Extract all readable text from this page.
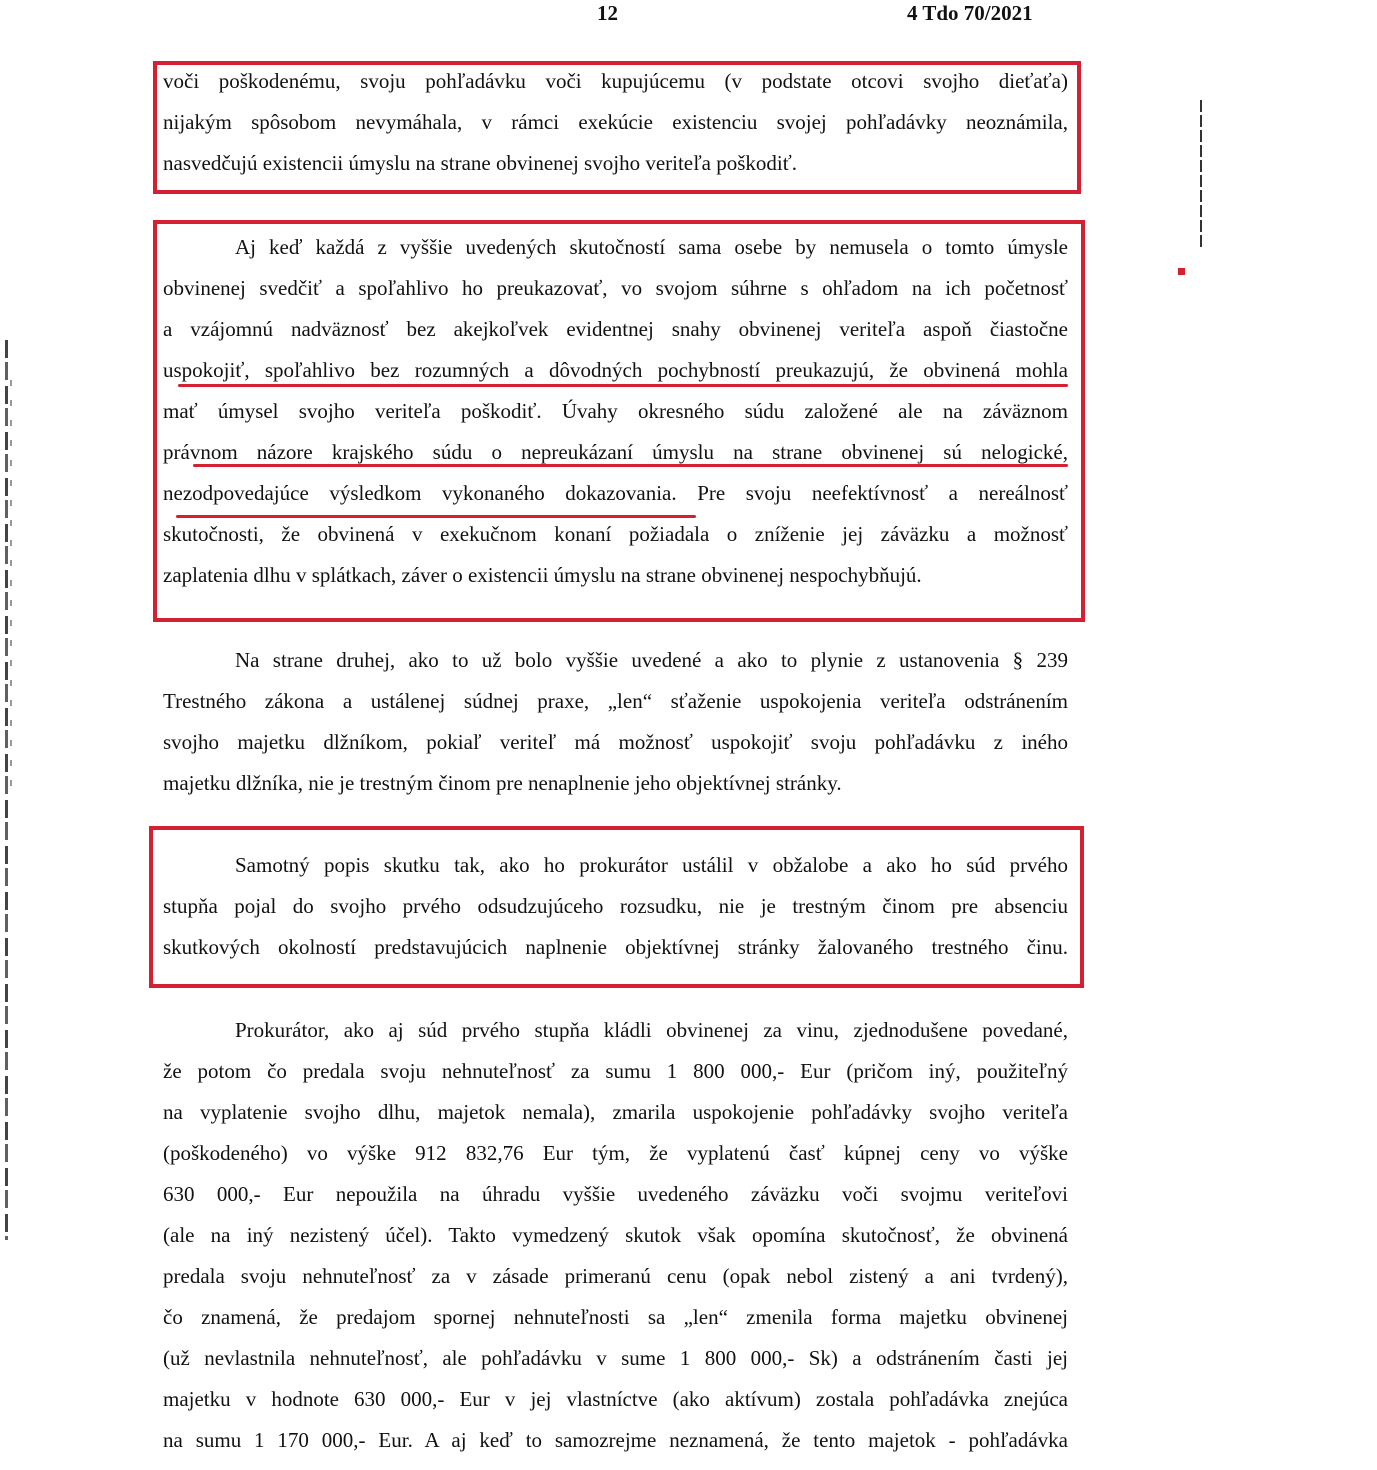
12	4 Tdo 70/2021
voči poškodenému, svoju pohľadávku voči kupujúcemu (v podstate otcovi svojho dieťaťa)
nijakým spôsobom nevymáhala, v rámci exekúcie existenciu svojej pohľadávky neoznámila,
nasvedčujú existencii úmyslu na strane obvinenej svojho veriteľa poškodiť.
Aj keď každá z vyššie uvedených skutočností sama osebe by nemusela o tomto úmysle
obvinenej svedčiť a spoľahlivo ho preukazovať, vo svojom súhrne s ohľadom na ich početnosť
a vzájomnú nadväznosť bez akejkoľvek evidentnej snahy obvinenej veriteľa aspoň čiastočne
uspokojiť, spoľahlivo bez rozumných a dôvodných pochybností preukazujú, že obvinená mohla
mať úmysel svojho veriteľa poškodiť. Úvahy okresného súdu založené ale na záväznom
právnom názore krajského súdu o nepreukázaní úmyslu na strane obvinenej sú nelogické,
nezodpovedajúce výsledkom vykonaného dokazovania. Pre svoju neefektívnosť a nereálnosť
skutočnosti, že obvinená v exekučnom konaní požiadala o zníženie jej záväzku a možnosť
zaplatenia dlhu v splátkach, záver o existencii úmyslu na strane obvinenej nespochybňujú.
Na strane druhej, ako to už bolo vyššie uvedené a ako to plynie z ustanovenia § 239
Trestného zákona a ustálenej súdnej praxe, „len“ sťaženie uspokojenia veriteľa odstránením
svojho majetku dlžníkom, pokiaľ veriteľ má možnosť uspokojiť svoju pohľadávku z iného
majetku dlžníka, nie je trestným činom pre nenaplnenie jeho objektívnej stránky.
Samotný popis skutku tak, ako ho prokurátor ustálil v obžalobe a ako ho súd prvého
stupňa pojal do svojho prvého odsudzujúceho rozsudku, nie je trestným činom pre absenciu
skutkových okolností predstavujúcich naplnenie objektívnej stránky žalovaného trestného činu.
Prokurátor, ako aj súd prvého stupňa kládli obvinenej za vinu, zjednodušene povedané,
že potom čo predala svoju nehnuteľnosť za sumu 1 800 000,- Eur (pričom iný, použiteľný
na vyplatenie svojho dlhu, majetok nemala), zmarila uspokojenie pohľadávky svojho veriteľa
(poškodeného) vo výške 912 832,76 Eur tým, že vyplatenú časť kúpnej ceny vo výške
630 000,- Eur nepoužila na úhradu vyššie uvedeného záväzku voči svojmu veriteľovi
(ale na iný nezistený účel). Takto vymedzený skutok však opomína skutočnosť, že obvinená
predala svoju nehnuteľnosť za v zásade primeranú cenu (opak nebol zistený a ani tvrdený),
čo znamená, že predajom spornej nehnuteľnosti sa „len“ zmenila forma majetku obvinenej
(už nevlastnila nehnuteľnosť, ale pohľadávku v sume 1 800 000,- Sk) a odstránením časti jej
majetku v hodnote 630 000,- Eur v jej vlastníctve (ako aktívum) zostala pohľadávka znejúca
na sumu 1 170 000,- Eur. A aj keď to samozrejme neznamená, že tento majetok - pohľadávka
